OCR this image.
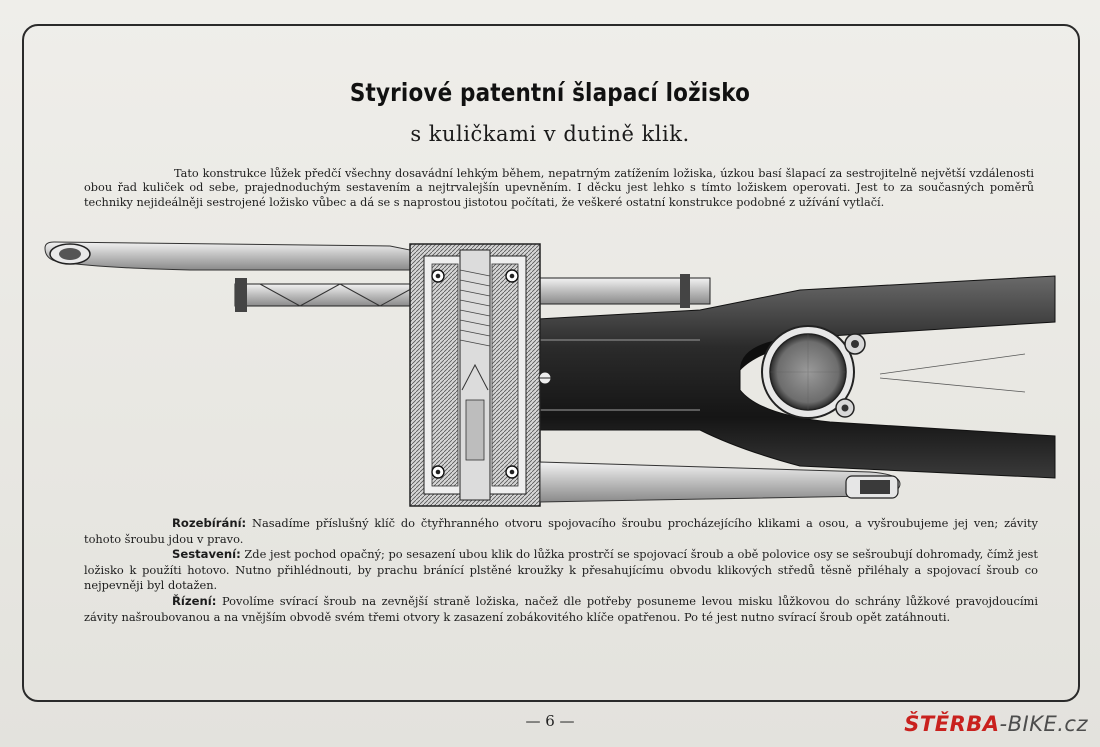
Styriové patentní šlapací ložisko
s kuličkami v dutině klik.

Tato konstrukce lůžek předčí všechny dosavádní lehkým během, nepatrným zatížením ložiska, úzkou basí šlapací za sestrojitelně největší vzdálenosti obou řad kuliček od sebe, prajednoduchým sestavením a nejtrvalejšín upevněním. I děcku jest lehko s tímto ložiskem operovati. Jest to za současných poměrů techniky nejideálněji sestrojené ložisko vůbec a dá se s naprostou jistotou počítati, že veškeré ostatní konstrukce podobné z užívání vytlačí.

Rozebírání: Nasadíme příslušný klíč do čtyřhranného otvoru spojovacího šroubu procházejícího klikami a osou, a vyšroubujeme jej ven; závity tohoto šroubu jdou v pravo.

Sestavení: Zde jest pochod opačný; po sesazení ubou klik do lůžka prostrčí se spojovací šroub a obě polovice osy se sešroubují dohromady, čímž jest ložisko k použíti hotovo. Nutno přihlédnouti, by prachu bránící plstěné kroužky k přesahujícímu obvodu klikových středů těsně přiléhaly a spojovací šroub co nejpevněji byl dotažen.

Řízení: Povolíme svírací šroub na zevnější straně ložiska, načež dle potřeby posuneme levou misku lůžkovou do schrány lůžkové pravojdoucími závity našroubovanou a na vnějším obvodě svém třemi otvory k zasazení zobákovitého klíče opatřenou. Po té jest nutno svírací šroub opět zatáhnouti.

— 6 —	ŠTĚRBA-BIKE.cz
